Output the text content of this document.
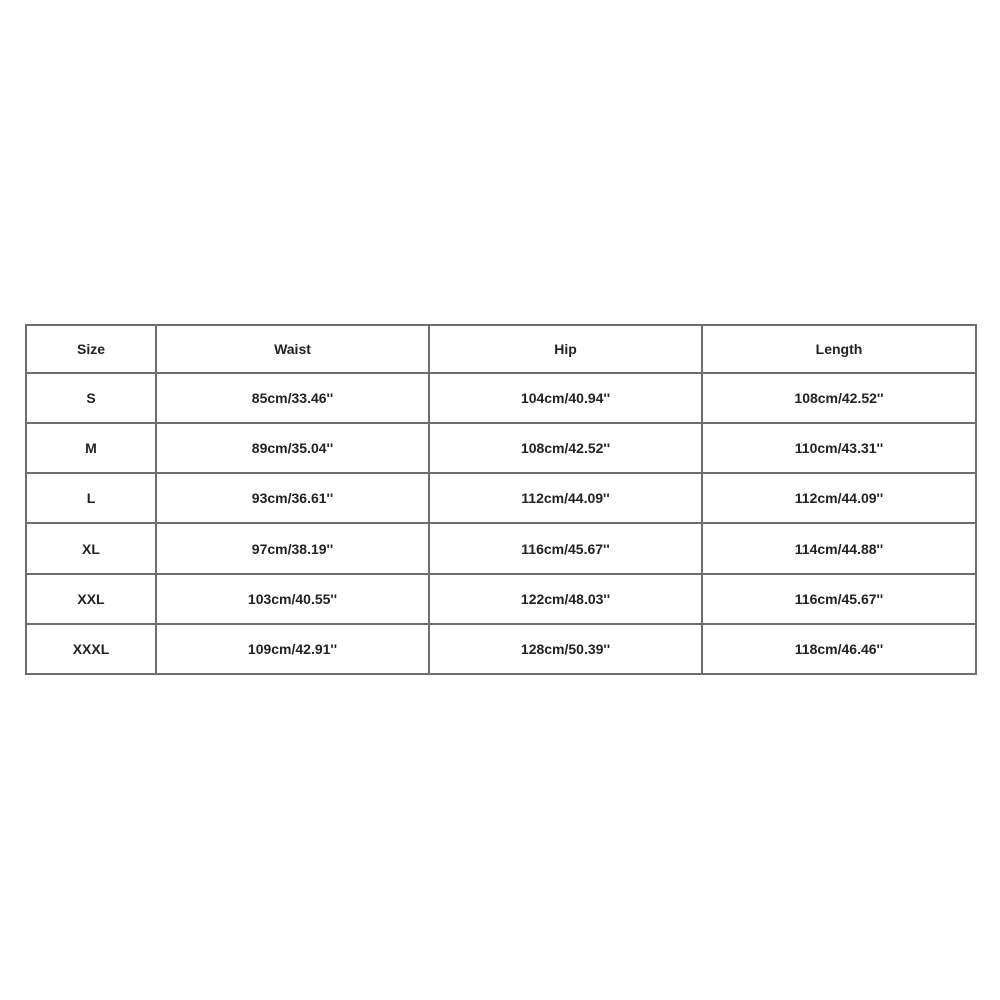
Size	Waist	Hip	Length
S	85cm/33.46''	104cm/40.94''	108cm/42.52''
M	89cm/35.04''	108cm/42.52''	110cm/43.31''
L	93cm/36.61''	112cm/44.09''	112cm/44.09''
XL	97cm/38.19''	116cm/45.67''	114cm/44.88''
XXL	103cm/40.55''	122cm/48.03''	116cm/45.67''
XXXL	109cm/42.91''	128cm/50.39''	118cm/46.46''
